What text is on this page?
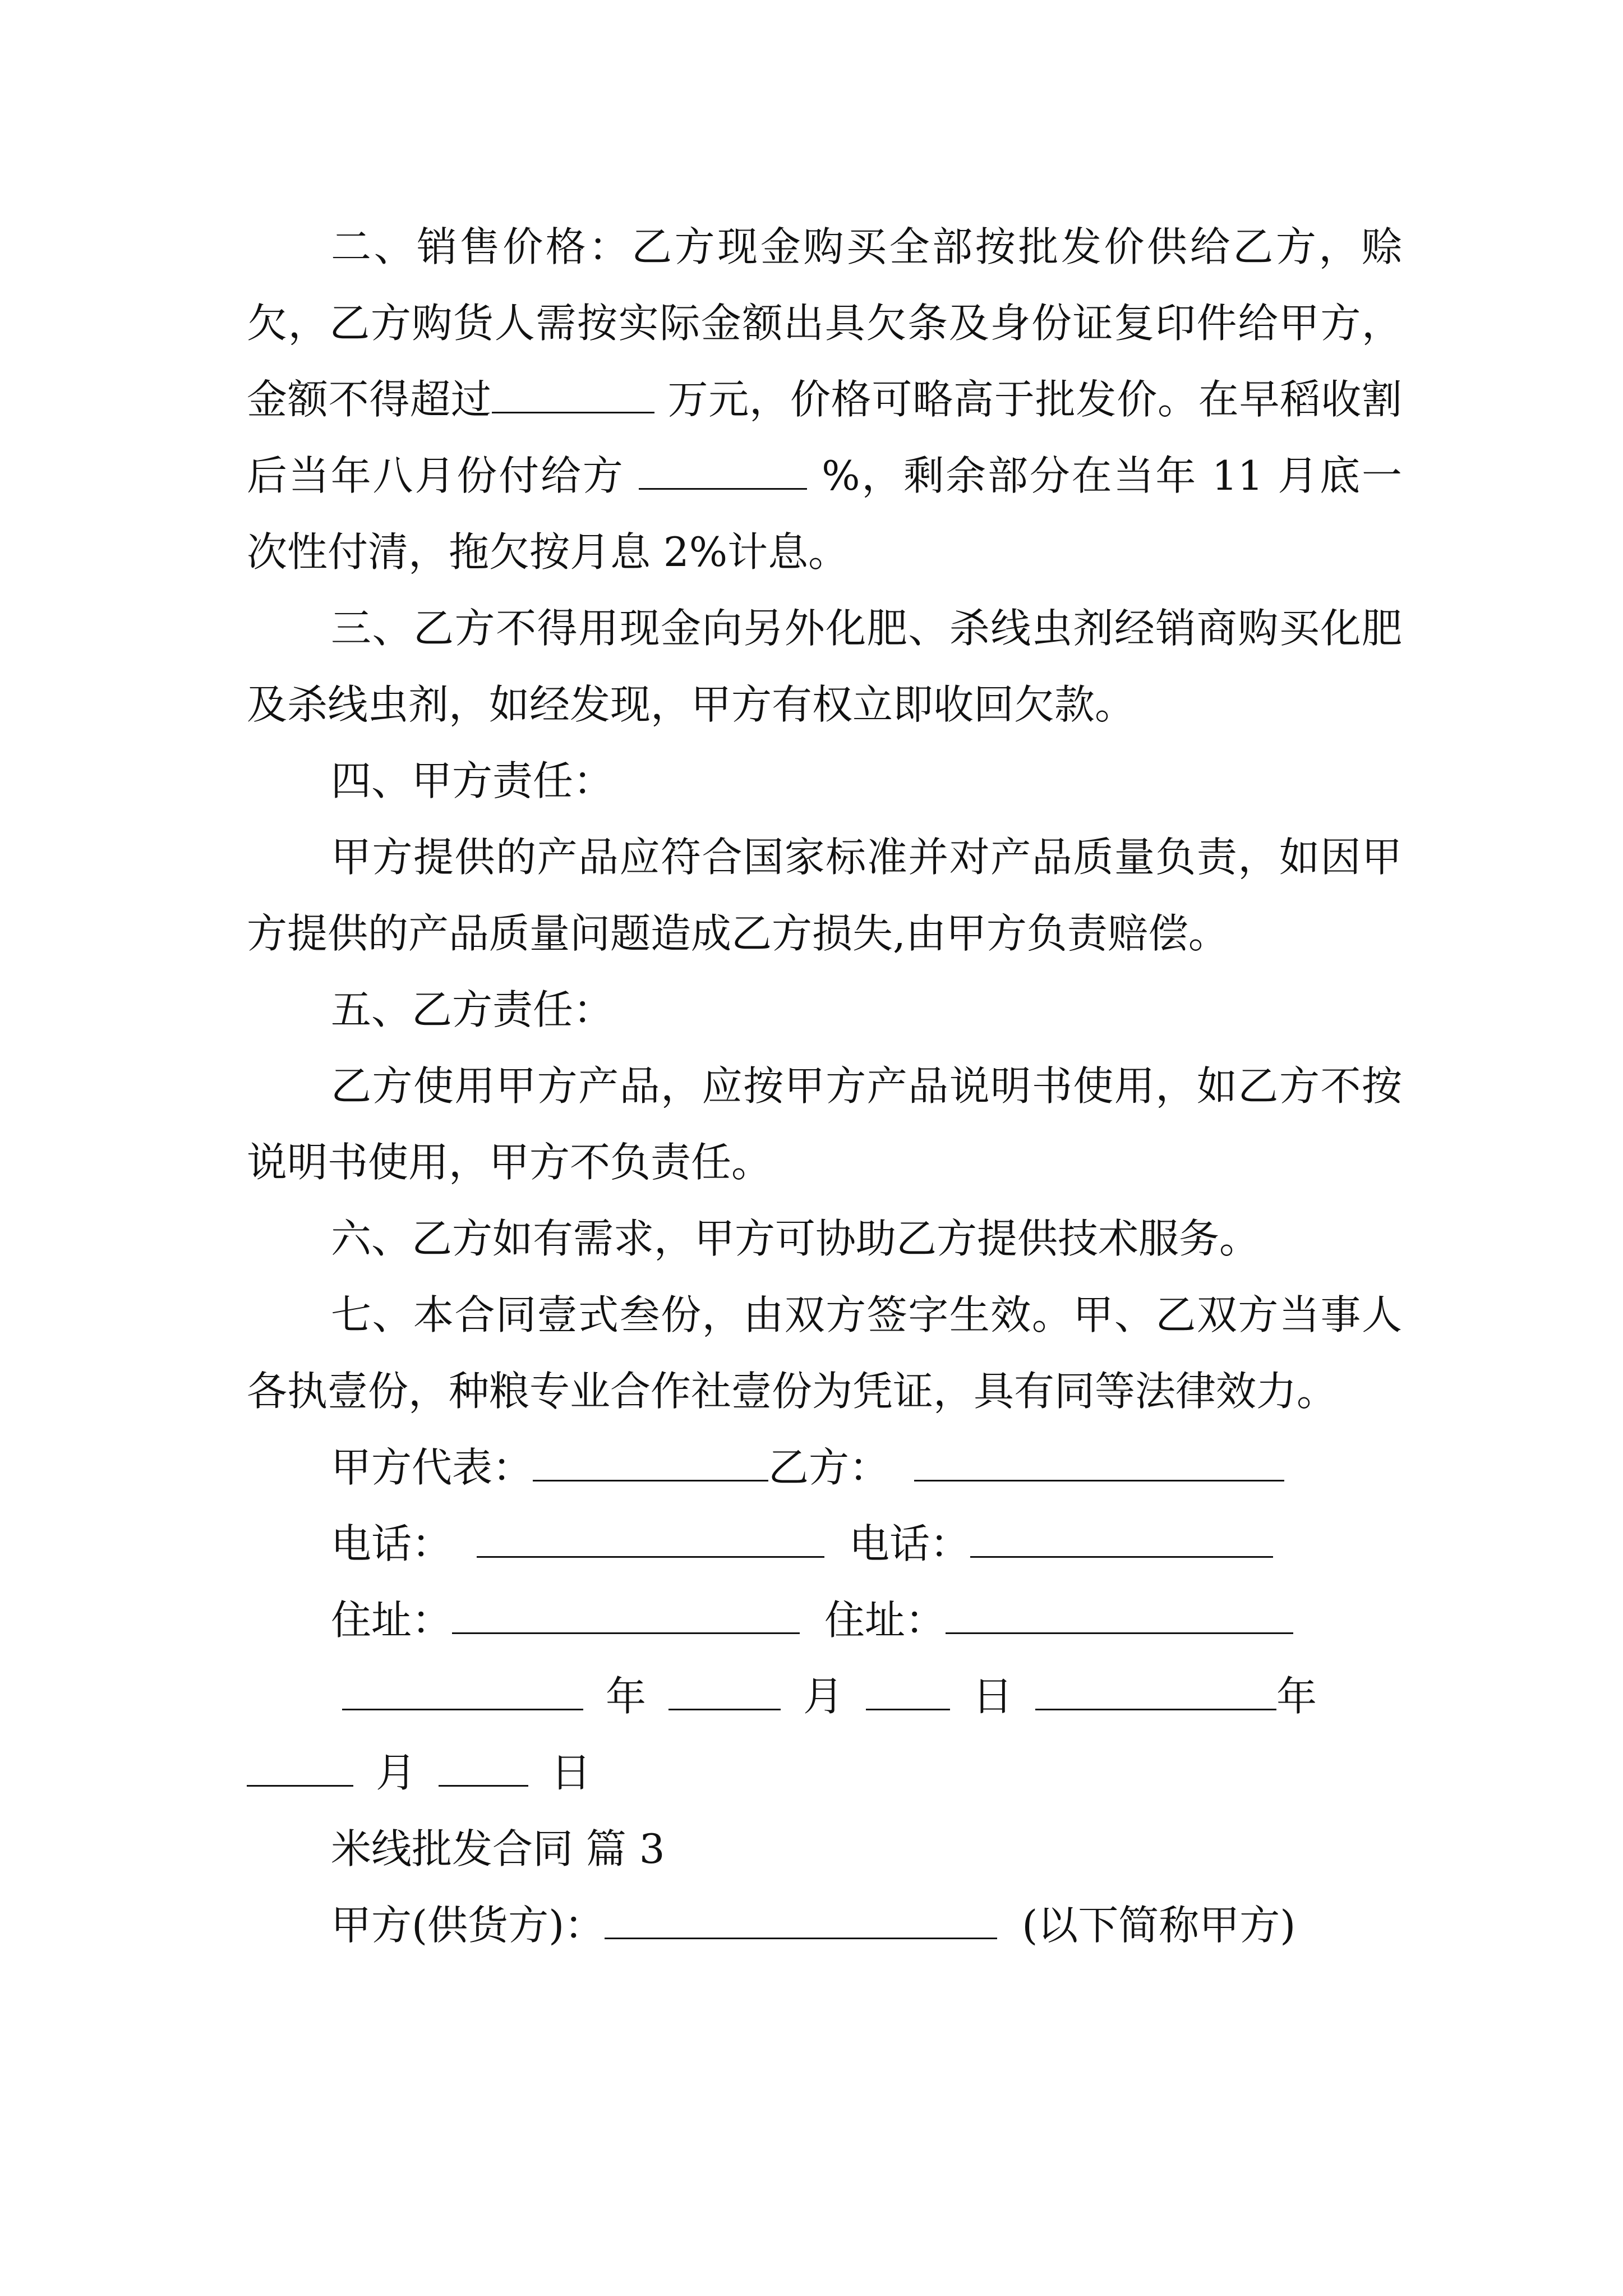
二、销售价格：乙方现金购买全部按批发价供给乙方，赊欠，乙方购货人需按实际金额出具欠条及身份证复印件给甲方，金额不得超过	万元，价格可略高于批发价。在早稻收割后当年八月份付给方	%，剩余部分在当年 11 月底一次性付清，拖欠按月息 2%计息。

三、乙方不得用现金向另外化肥、杀线虫剂经销商购买化肥及杀线虫剂，如经发现，甲方有权立即收回欠款。

四、甲方责任：

甲方提供的产品应符合国家标准并对产品质量负责，如因甲方提供的产品质量问题造成乙方损失,由甲方负责赔偿。

五、乙方责任：

乙方使用甲方产品，应按甲方产品说明书使用，如乙方不按说明书使用，甲方不负责任。

六、乙方如有需求，甲方可协助乙方提供技术服务。

七、本合同壹式叁份，由双方签字生效。甲、乙双方当事人各执壹份，种粮专业合作社壹份为凭证，具有同等法律效力。

甲方代表：	乙方：

电话：	电话：

住址：	住址：

年	月	日	年

月	日

米线批发合同 篇 3

甲方(供货方)：	(以下简称甲方)
